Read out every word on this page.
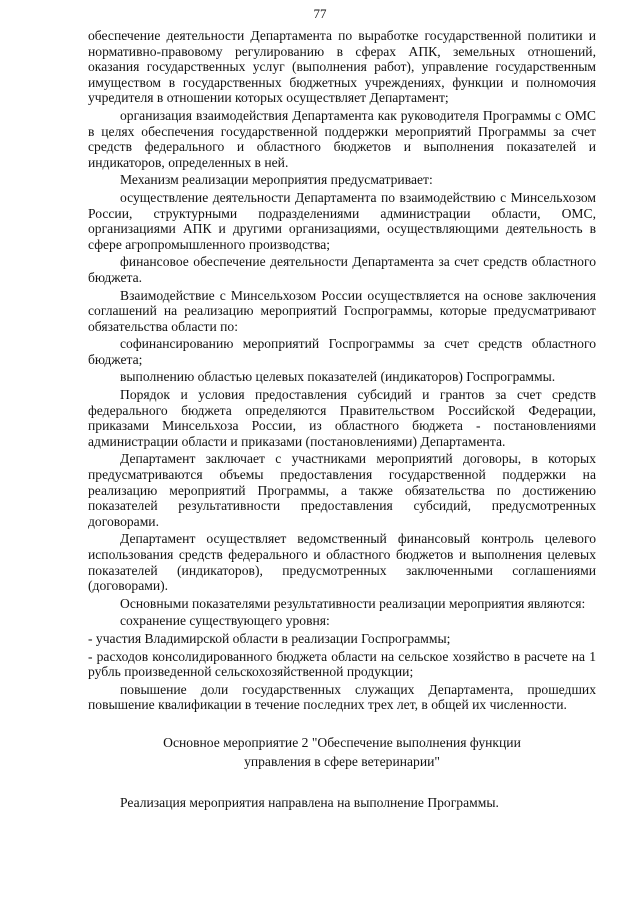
77

обеспечение деятельности Департамента по выработке государственной политики и нормативно-правовому регулированию в сферах АПК, земельных отношений, оказания государственных услуг (выполнения работ), управление государственным имуществом в государственных бюджетных учреждениях, функции и полномочия учредителя в отношении которых осуществляет Департамент;

организация взаимодействия Департамента как руководителя Программы с ОМС в целях обеспечения государственной поддержки мероприятий Программы за счет средств федерального и областного бюджетов и выполнения показателей и индикаторов, определенных в ней.

Механизм реализации мероприятия предусматривает:

осуществление деятельности Департамента по взаимодействию с Минсельхозом России, структурными подразделениями администрации области, ОМС, организациями АПК и другими организациями, осуществляющими деятельность в сфере агропромышленного производства;

финансовое обеспечение деятельности Департамента за счет средств областного бюджета.

Взаимодействие с Минсельхозом России осуществляется на основе заключения соглашений на реализацию мероприятий Госпрограммы, которые предусматривают обязательства области по:

софинансированию мероприятий Госпрограммы за счет средств областного бюджета;

выполнению областью целевых показателей (индикаторов) Госпрограммы.

Порядок и условия предоставления субсидий и грантов за счет средств федерального бюджета определяются Правительством Российской Федерации, приказами Минсельхоза России, из областного бюджета - постановлениями администрации области и приказами (постановлениями) Департамента.

Департамент заключает с участниками мероприятий договоры, в которых предусматриваются объемы предоставления государственной поддержки на реализацию мероприятий Программы, а также обязательства по достижению показателей результативности предоставления субсидий, предусмотренных договорами.

Департамент осуществляет ведомственный финансовый контроль целевого использования средств федерального и областного бюджетов и выполнения целевых показателей (индикаторов), предусмотренных заключенными соглашениями (договорами).

Основными показателями результативности реализации мероприятия являются:

сохранение существующего уровня:

- участия Владимирской области в реализации Госпрограммы;

- расходов консолидированного бюджета области на сельское хозяйство в расчете на 1 рубль произведенной сельскохозяйственной продукции;

повышение доли государственных служащих Департамента, прошедших повышение квалификации в течение последних трех лет, в общей их численности.

Основное мероприятие 2 "Обеспечение выполнения функции
управления в сфере ветеринарии"

Реализация мероприятия направлена на выполнение Программы.
